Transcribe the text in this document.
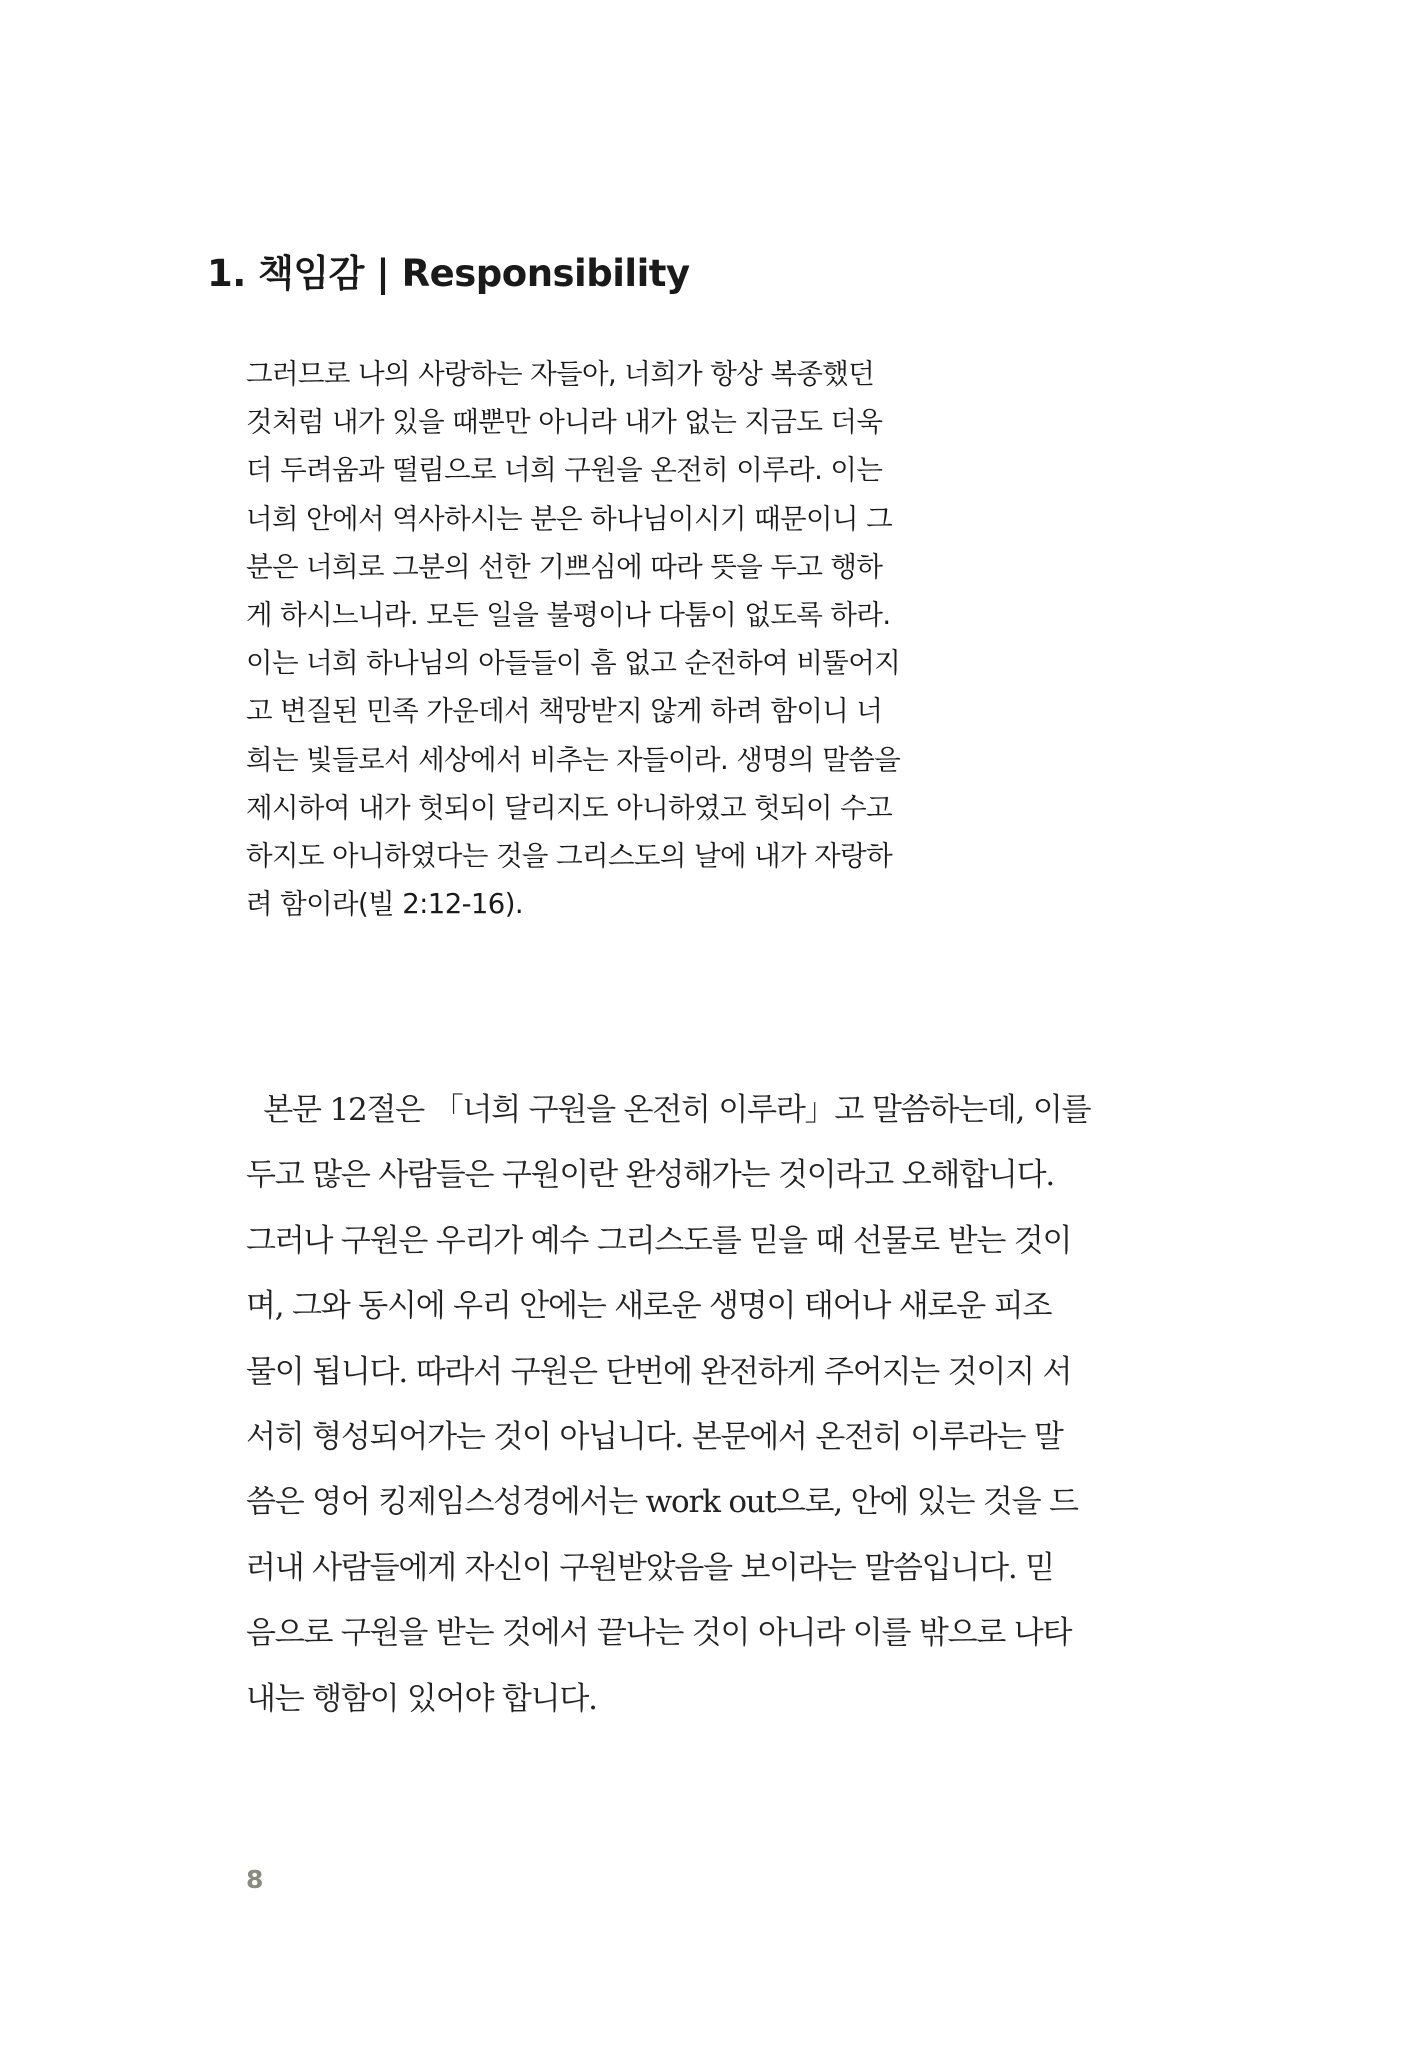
1. 책임감 | Responsibility
그러므로 나의 사랑하는 자들아, 너희가 항상 복종했던
것처럼 내가 있을 때뿐만 아니라 내가 없는 지금도 더욱
더 두려움과 떨림으로 너희 구원을 온전히 이루라. 이는
너희 안에서 역사하시는 분은 하나님이시기 때문이니 그
분은 너희로 그분의 선한 기쁘심에 따라 뜻을 두고 행하
게 하시느니라. 모든 일을 불평이나 다툼이 없도록 하라.
이는 너희 하나님의 아들들이 흠 없고 순전하여 비뚤어지
고 변질된 민족 가운데서 책망받지 않게 하려 함이니 너
희는 빛들로서 세상에서 비추는 자들이라. 생명의 말씀을
제시하여 내가 헛되이 달리지도 아니하였고 헛되이 수고
하지도 아니하였다는 것을 그리스도의 날에 내가 자랑하
려 함이라(빌 2:12-16).
본문 12절은 「너희 구원을 온전히 이루라」고 말씀하는데, 이를
두고 많은 사람들은 구원이란 완성해가는 것이라고 오해합니다.
그러나 구원은 우리가 예수 그리스도를 믿을 때 선물로 받는 것이
며, 그와 동시에 우리 안에는 새로운 생명이 태어나 새로운 피조
물이 됩니다. 따라서 구원은 단번에 완전하게 주어지는 것이지 서
서히 형성되어가는 것이 아닙니다. 본문에서 온전히 이루라는 말
씀은 영어 킹제임스성경에서는 work out으로, 안에 있는 것을 드
러내 사람들에게 자신이 구원받았음을 보이라는 말씀입니다. 믿
음으로 구원을 받는 것에서 끝나는 것이 아니라 이를 밖으로 나타
내는 행함이 있어야 합니다.
8
